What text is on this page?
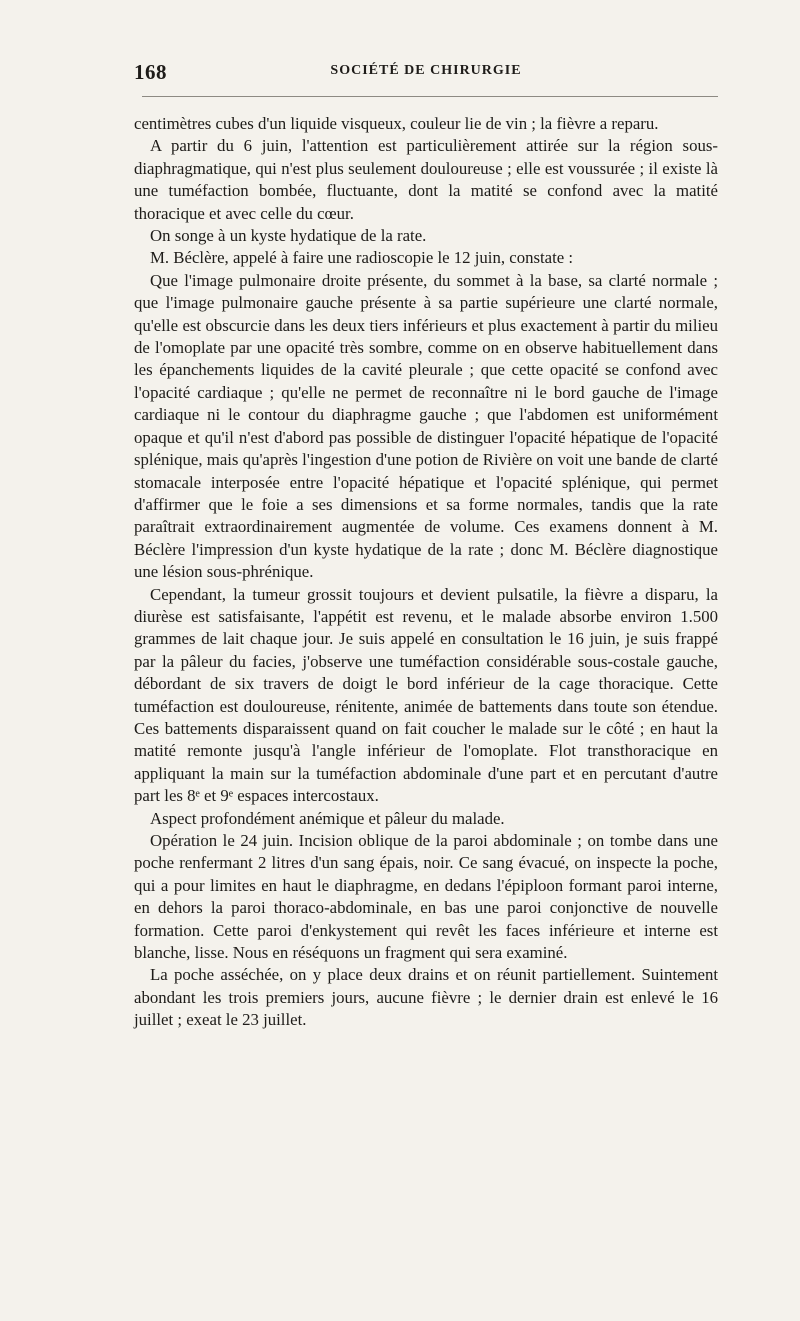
168	SOCIÉTÉ DE CHIRURGIE

centimètres cubes d'un liquide visqueux, couleur lie de vin ; la fièvre a reparu.

A partir du 6 juin, l'attention est particulièrement attirée sur la région sous-diaphragmatique, qui n'est plus seulement douloureuse ; elle est voussurée ; il existe là une tuméfaction bombée, fluctuante, dont la matité se confond avec la matité thoracique et avec celle du cœur.

On songe à un kyste hydatique de la rate.

M. Béclère, appelé à faire une radioscopie le 12 juin, constate :

Que l'image pulmonaire droite présente, du sommet à la base, sa clarté normale ; que l'image pulmonaire gauche présente à sa partie supérieure une clarté normale, qu'elle est obscurcie dans les deux tiers inférieurs et plus exactement à partir du milieu de l'omoplate par une opacité très sombre, comme on en observe habituellement dans les épanchements liquides de la cavité pleurale ; que cette opacité se confond avec l'opacité cardiaque ; qu'elle ne permet de reconnaître ni le bord gauche de l'image cardiaque ni le contour du diaphragme gauche ; que l'abdomen est uniformément opaque et qu'il n'est d'abord pas possible de distinguer l'opacité hépatique de l'opacité splénique, mais qu'après l'ingestion d'une potion de Rivière on voit une bande de clarté stomacale interposée entre l'opacité hépatique et l'opacité splénique, qui permet d'affirmer que le foie a ses dimensions et sa forme normales, tandis que la rate paraîtrait extraordinairement augmentée de volume. Ces examens donnent à M. Béclère l'impression d'un kyste hydatique de la rate ; donc M. Béclère diagnostique une lésion sous-phrénique.

Cependant, la tumeur grossit toujours et devient pulsatile, la fièvre a disparu, la diurèse est satisfaisante, l'appétit est revenu, et le malade absorbe environ 1.500 grammes de lait chaque jour. Je suis appelé en consultation le 16 juin, je suis frappé par la pâleur du facies, j'observe une tuméfaction considérable sous-costale gauche, débordant de six travers de doigt le bord inférieur de la cage thoracique. Cette tuméfaction est douloureuse, rénitente, animée de battements dans toute son étendue. Ces battements disparaissent quand on fait coucher le malade sur le côté ; en haut la matité remonte jusqu'à l'angle inférieur de l'omoplate. Flot transthoracique en appliquant la main sur la tuméfaction abdominale d'une part et en percutant d'autre part les 8ᵉ et 9ᵉ espaces intercostaux.

Aspect profondément anémique et pâleur du malade.

Opération le 24 juin. Incision oblique de la paroi abdominale ; on tombe dans une poche renfermant 2 litres d'un sang épais, noir. Ce sang évacué, on inspecte la poche, qui a pour limites en haut le diaphragme, en dedans l'épiploon formant paroi interne, en dehors la paroi thoraco-abdominale, en bas une paroi conjonctive de nouvelle formation. Cette paroi d'enkystement qui revêt les faces inférieure et interne est blanche, lisse. Nous en réséquons un fragment qui sera examiné.

La poche asséchée, on y place deux drains et on réunit partiellement. Suintement abondant les trois premiers jours, aucune fièvre ; le dernier drain est enlevé le 16 juillet ; exeat le 23 juillet.
